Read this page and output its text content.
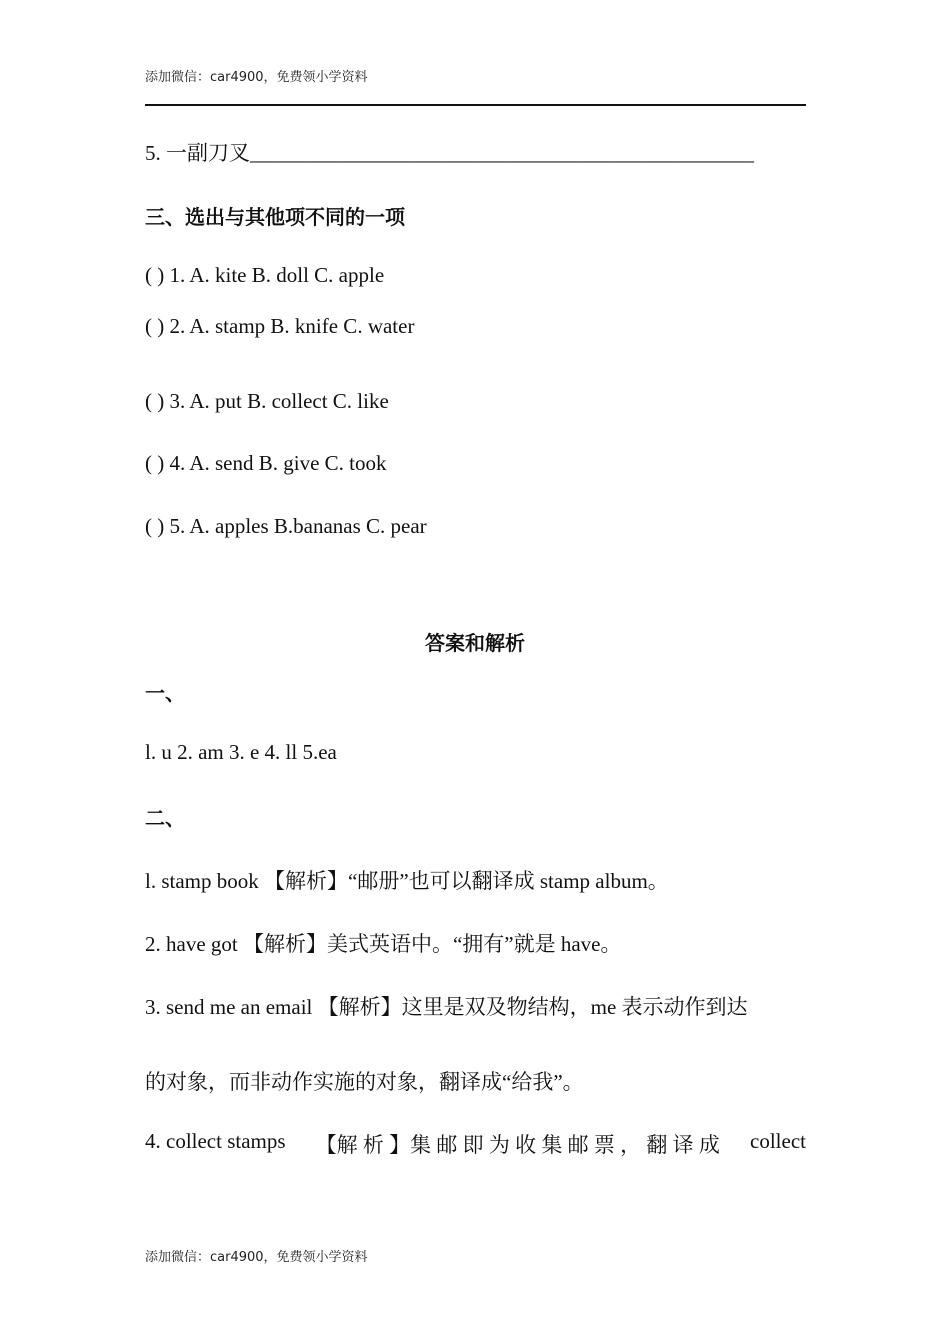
添加微信：car4900，免费领小学资料
5. 一副刀叉________________________________________________
三、选出与其他项不同的一项
( ) 1. A. kite B. doll C. apple
( ) 2. A. stamp B. knife C. water
( ) 3. A. put B. collect C. like
( ) 4. A. send B. give C. took
( ) 5. A. apples B.bananas C. pear
答案和解析
一、
l. u 2. am 3. e 4. ll 5.ea
二、
l. stamp book 【解析】“邮册”也可以翻译成 stamp album。
2. have got 【解析】美式英语中。“拥有”就是 have。
3. send me an email 【解析】这里是双及物结构，me 表示动作到达
的对象，而非动作实施的对象，翻译成“给我”。
4. collect stamps 【解 析 】集 邮 即 为 收 集 邮 票 ， 翻 译 成 collect
添加微信：car4900，免费领小学资料
